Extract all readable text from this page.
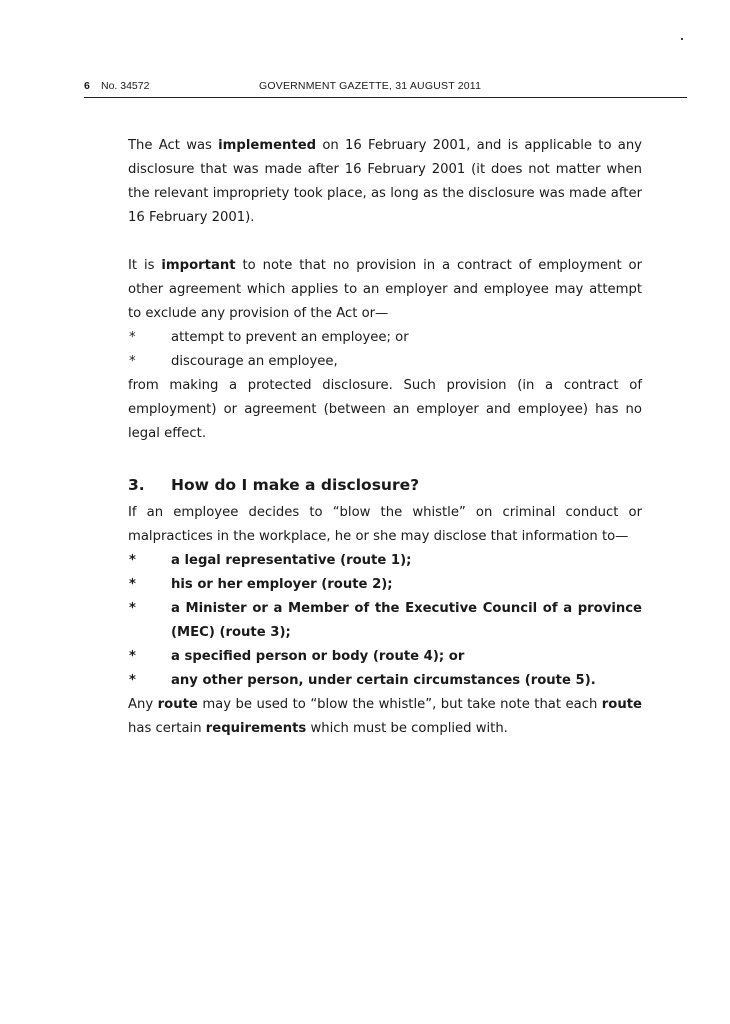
6 No. 34572	GOVERNMENT GAZETTE, 31 AUGUST 2011

The Act was implemented on 16 February 2001, and is applicable to any disclosure that was made after 16 February 2001 (it does not matter when the relevant impropriety took place, as long as the disclosure was made after 16 February 2001).

It is important to note that no provision in a contract of employment or other agreement which applies to an employer and employee may attempt to exclude any provision of the Act or—

*	attempt to prevent an employee; or
*	discourage an employee,

from making a protected disclosure. Such provision (in a contract of employment) or agreement (between an employer and employee) has no legal effect.

3. How do I make a disclosure?

If an employee decides to “blow the whistle” on criminal conduct or malpractices in the workplace, he or she may disclose that information to—

*	a legal representative (route 1);
*	his or her employer (route 2);
*	a Minister or a Member of the Executive Council of a province
(MEC) (route 3);
*	a specified person or body (route 4); or
*	any other person, under certain circumstances (route 5).

Any route may be used to “blow the whistle”, but take note that each route has certain requirements which must be complied with.
